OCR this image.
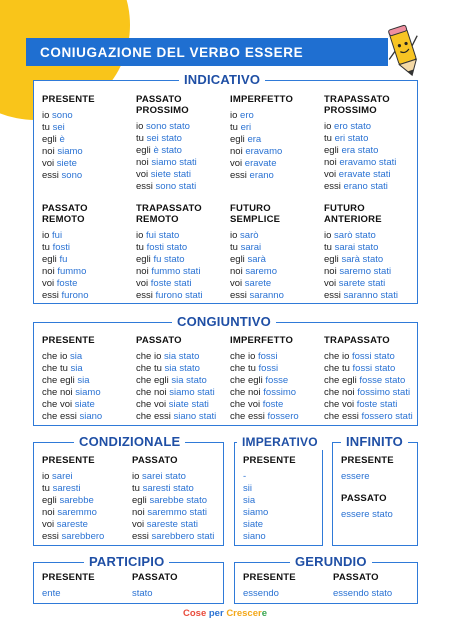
CONIUGAZIONE DEL VERBO ESSERE
INDICATIVO
PRESENTE
io sono
tu sei
egli è
noi siamo
voi siete
essi sono
PASSATO
PROSSIMO
io sono stato
tu sei stato
egli è stato
noi siamo stati
voi siete stati
essi sono stati
IMPERFETTO
io ero
tu eri
egli era
noi eravamo
voi eravate
essi erano
TRAPASSATO
PROSSIMO
io ero stato
tu eri stato
egli era stato
noi eravamo stati
voi eravate stati
essi erano stati
PASSATO
REMOTO
io fui
tu fosti
egli fu
noi fummo
voi foste
essi furono
TRAPASSATO
REMOTO
io fui stato
tu fosti stato
egli fu stato
noi fummo stati
voi foste stati
essi furono stati
FUTURO
SEMPLICE
io sarò
tu sarai
egli sarà
noi saremo
voi sarete
essi saranno
FUTURO
ANTERIORE
io sarò stato
tu sarai stato
egli sarà stato
noi saremo stati
voi sarete stati
essi saranno stati
CONGIUNTIVO
PRESENTE
che io sia
che tu sia
che egli sia
che noi siamo
che voi siate
che essi siano
PASSATO
che io sia stato
che tu sia stato
che egli sia stato
che noi siamo stati
che voi siate stati
che essi siano stati
IMPERFETTO
che io fossi
che tu fossi
che egli fosse
che noi fossimo
che voi foste
che essi fossero
TRAPASSATO
che io fossi stato
che tu fossi stato
che egli fosse stato
che noi fossimo stati
che voi foste stati
che essi fossero stati
CONDIZIONALE
PRESENTE
io sarei
tu saresti
egli sarebbe
noi saremmo
voi sareste
essi sarebbero
PASSATO
io sarei stato
tu saresti stato
egli sarebbe stato
noi saremmo stati
voi sareste stati
essi sarebbero stati
IMPERATIVO
PRESENTE
-
sii
sia
siamo
siate
siano
INFINITO
PRESENTE
essere
PASSATO
essere stato
PARTICIPIO
PRESENTE
ente
PASSATO
stato
GERUNDIO
PRESENTE
essendo
PASSATO
essendo stato
Cose per Crescere
